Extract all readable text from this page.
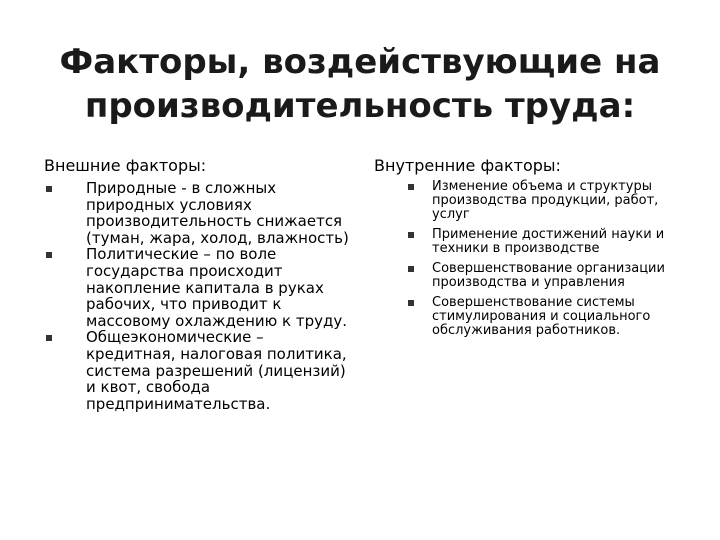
Факторы, воздействующие на производительность труда:
Внешние факторы:
Природные - в сложных природных условиях производительность снижается (туман, жара, холод, влажность)
Политические – по воле государства происходит накопление капитала в руках рабочих, что приводит к массовому охлаждению к труду.
Общеэкономические – кредитная, налоговая политика, система разрешений (лицензий) и квот, свобода предпринимательства.
Внутренние факторы:
Изменение объема и структуры производства продукции, работ, услуг
Применение достижений науки и техники в производстве
Совершенствование организации производства и управления
Совершенствование системы стимулирования и социального обслуживания работников.
